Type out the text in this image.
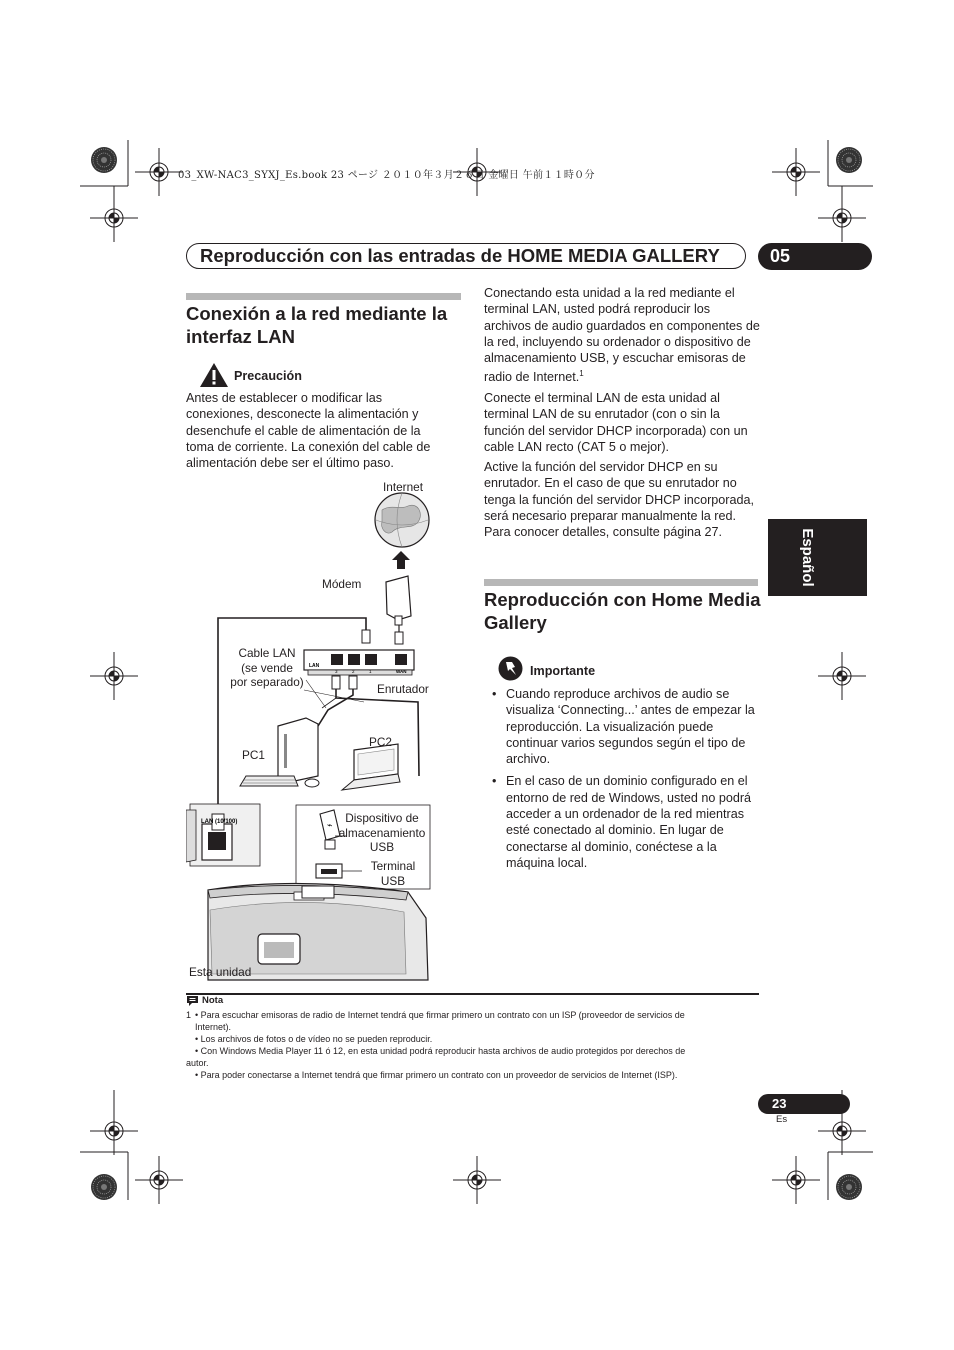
03_XW-NAC3_SYXJ_Es.book 23 ページ ２０１０年３月２６日 金曜日 午前１１時０分
Reproducción con las entradas de HOME MEDIA GALLERY	05
Español
Conexión a la red mediante la
interfaz LAN
Precaución
Antes de establecer o modificar las conexiones, desconecte la alimentación y desenchufe el cable de alimentación de la toma de corriente. La conexión del cable de alimentación debe ser el último paso.

Conectando esta unidad a la red mediante el terminal LAN, usted podrá reproducir los archivos de audio guardados en componentes de la red, incluyendo su ordenador o dispositivo de almacenamiento USB, y escuchar emisoras de radio de Internet.$^1$

Conecte el terminal LAN de esta unidad al terminal LAN de su enrutador (con o sin la función del servidor DHCP incorporada) con un cable LAN recto (CAT 5 o mejor).

Active la función del servidor DHCP en su enrutador. En el caso de que su enrutador no tenga la función del servidor DHCP incorporada, será necesario preparar manualmente la red. Para conocer detalles, consulte página 27.

Reproducción con Home Media
Gallery
Importante
• Cuando reproduce archivos de audio se visualiza ‘Connecting...’ antes de empezar la reproducción. La visualización puede continuar varios segundos según el tipo de archivo.
• En el caso de un dominio configurado en el entorno de red de Windows, usted no podrá acceder a un ordenador de la red mientras esté conectado al dominio. En lugar de conectarse al dominio, conéctese a la máquina local.
LAN
WAN
3	2	1
LAN (10/100)	⌁
Internet
Módem
Cable LAN
(se vende
por separado)	Enrutador
PC1
PC2
Dispositivo de
almacenamiento
USB
Terminal
USB
Esta unidad
Nota
1 • Para escuchar emisoras de radio de Internet tendrá que firmar primero un contrato con un ISP (proveedor de servicios de
Internet).
• Los archivos de fotos o de vídeo no se pueden reproducir.
• Con Windows Media Player 11 ó 12, en esta unidad podrá reproducir hasta archivos de audio protegidos por derechos de
autor.
• Para poder conectarse a Internet tendrá que firmar primero un contrato con un proveedor de servicios de Internet (ISP).
23
Es
